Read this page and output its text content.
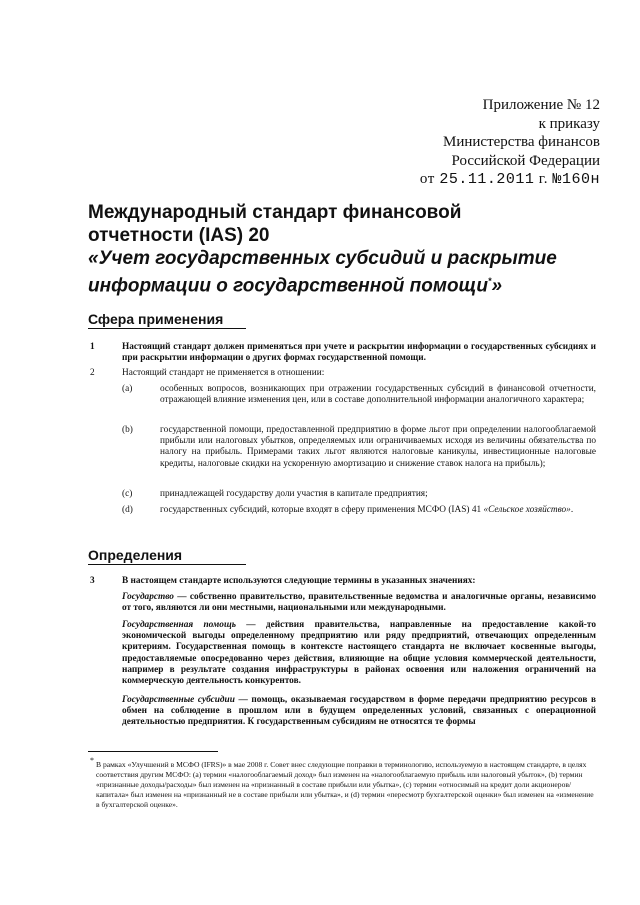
Приложение № 12
к приказу
Министерства финансов
Российской Федерации
от 25.11.2011 г. №160н
Международный стандарт финансовой
отчетности (IAS) 20
«Учет государственных субсидий и раскрытие
информации о государственной помощи*»
Сфера применения
1	Настоящий стандарт должен применяться при учете и раскрытии информации о государственных субсидиях и при раскрытии информации о других формах государственной помощи.
2	Настоящий стандарт не применяется в отношении:
(a)	особенных вопросов, возникающих при отражении государственных субсидий в финансовой отчетности, отражающей влияние изменения цен, или в составе дополнительной информации аналогичного характера;
(b)	государственной помощи, предоставленной предприятию в форме льгот при определении налогооблагаемой прибыли или налоговых убытков, определяемых или ограничиваемых исходя из величины обязательства по налогу на прибыль. Примерами таких льгот являются налоговые каникулы, инвестиционные налоговые кредиты, налоговые скидки на ускоренную амортизацию и снижение ставок налога на прибыль);
(c)	принадлежащей государству доли участия в капитале предприятия;
(d)	государственных субсидий, которые входят в сферу применения МСФО (IAS) 41 «Сельское хозяйство».
Определения
3	В настоящем стандарте используются следующие термины в указанных значениях:
Государство — собственно правительство, правительственные ведомства и аналогичные органы, независимо от того, являются ли они местными, национальными или международными.
Государственная помощь — действия правительства, направленные на предоставление какой-то экономической выгоды определенному предприятию или ряду предприятий, отвечающих определенным критериям. Государственная помощь в контексте настоящего стандарта не включает косвенные выгоды, предоставляемые опосредованно через действия, влияющие на общие условия коммерческой деятельности, например в результате создания инфраструктуры в районах освоения или наложения ограничений на коммерческую деятельность конкурентов.
Государственные субсидии — помощь, оказываемая государством в форме передачи предприятию ресурсов в обмен на соблюдение в прошлом или в будущем определенных условий, связанных с операционной деятельностью предприятия. К государственным субсидиям не относятся те формы
* В рамках «Улучшений в МСФО (IFRS)» в мае 2008 г. Совет внес следующие поправки в терминологию, используемую в настоящем стандарте, в целях соответствия другим МСФО: (a) термин «налогооблагаемый доход» был изменен на «налогооблагаемую прибыль или налоговый убыток», (b) термин «признанные доходы/расходы» был изменен на «признанный в составе прибыли или убытка», (c) термин «относимый на кредит доли акционеров/капитала» был изменен на «признанный не в составе прибыли или убытка», и (d) термин «пересмотр бухгалтерской оценки» был изменен на «изменение в бухгалтерской оценке».
